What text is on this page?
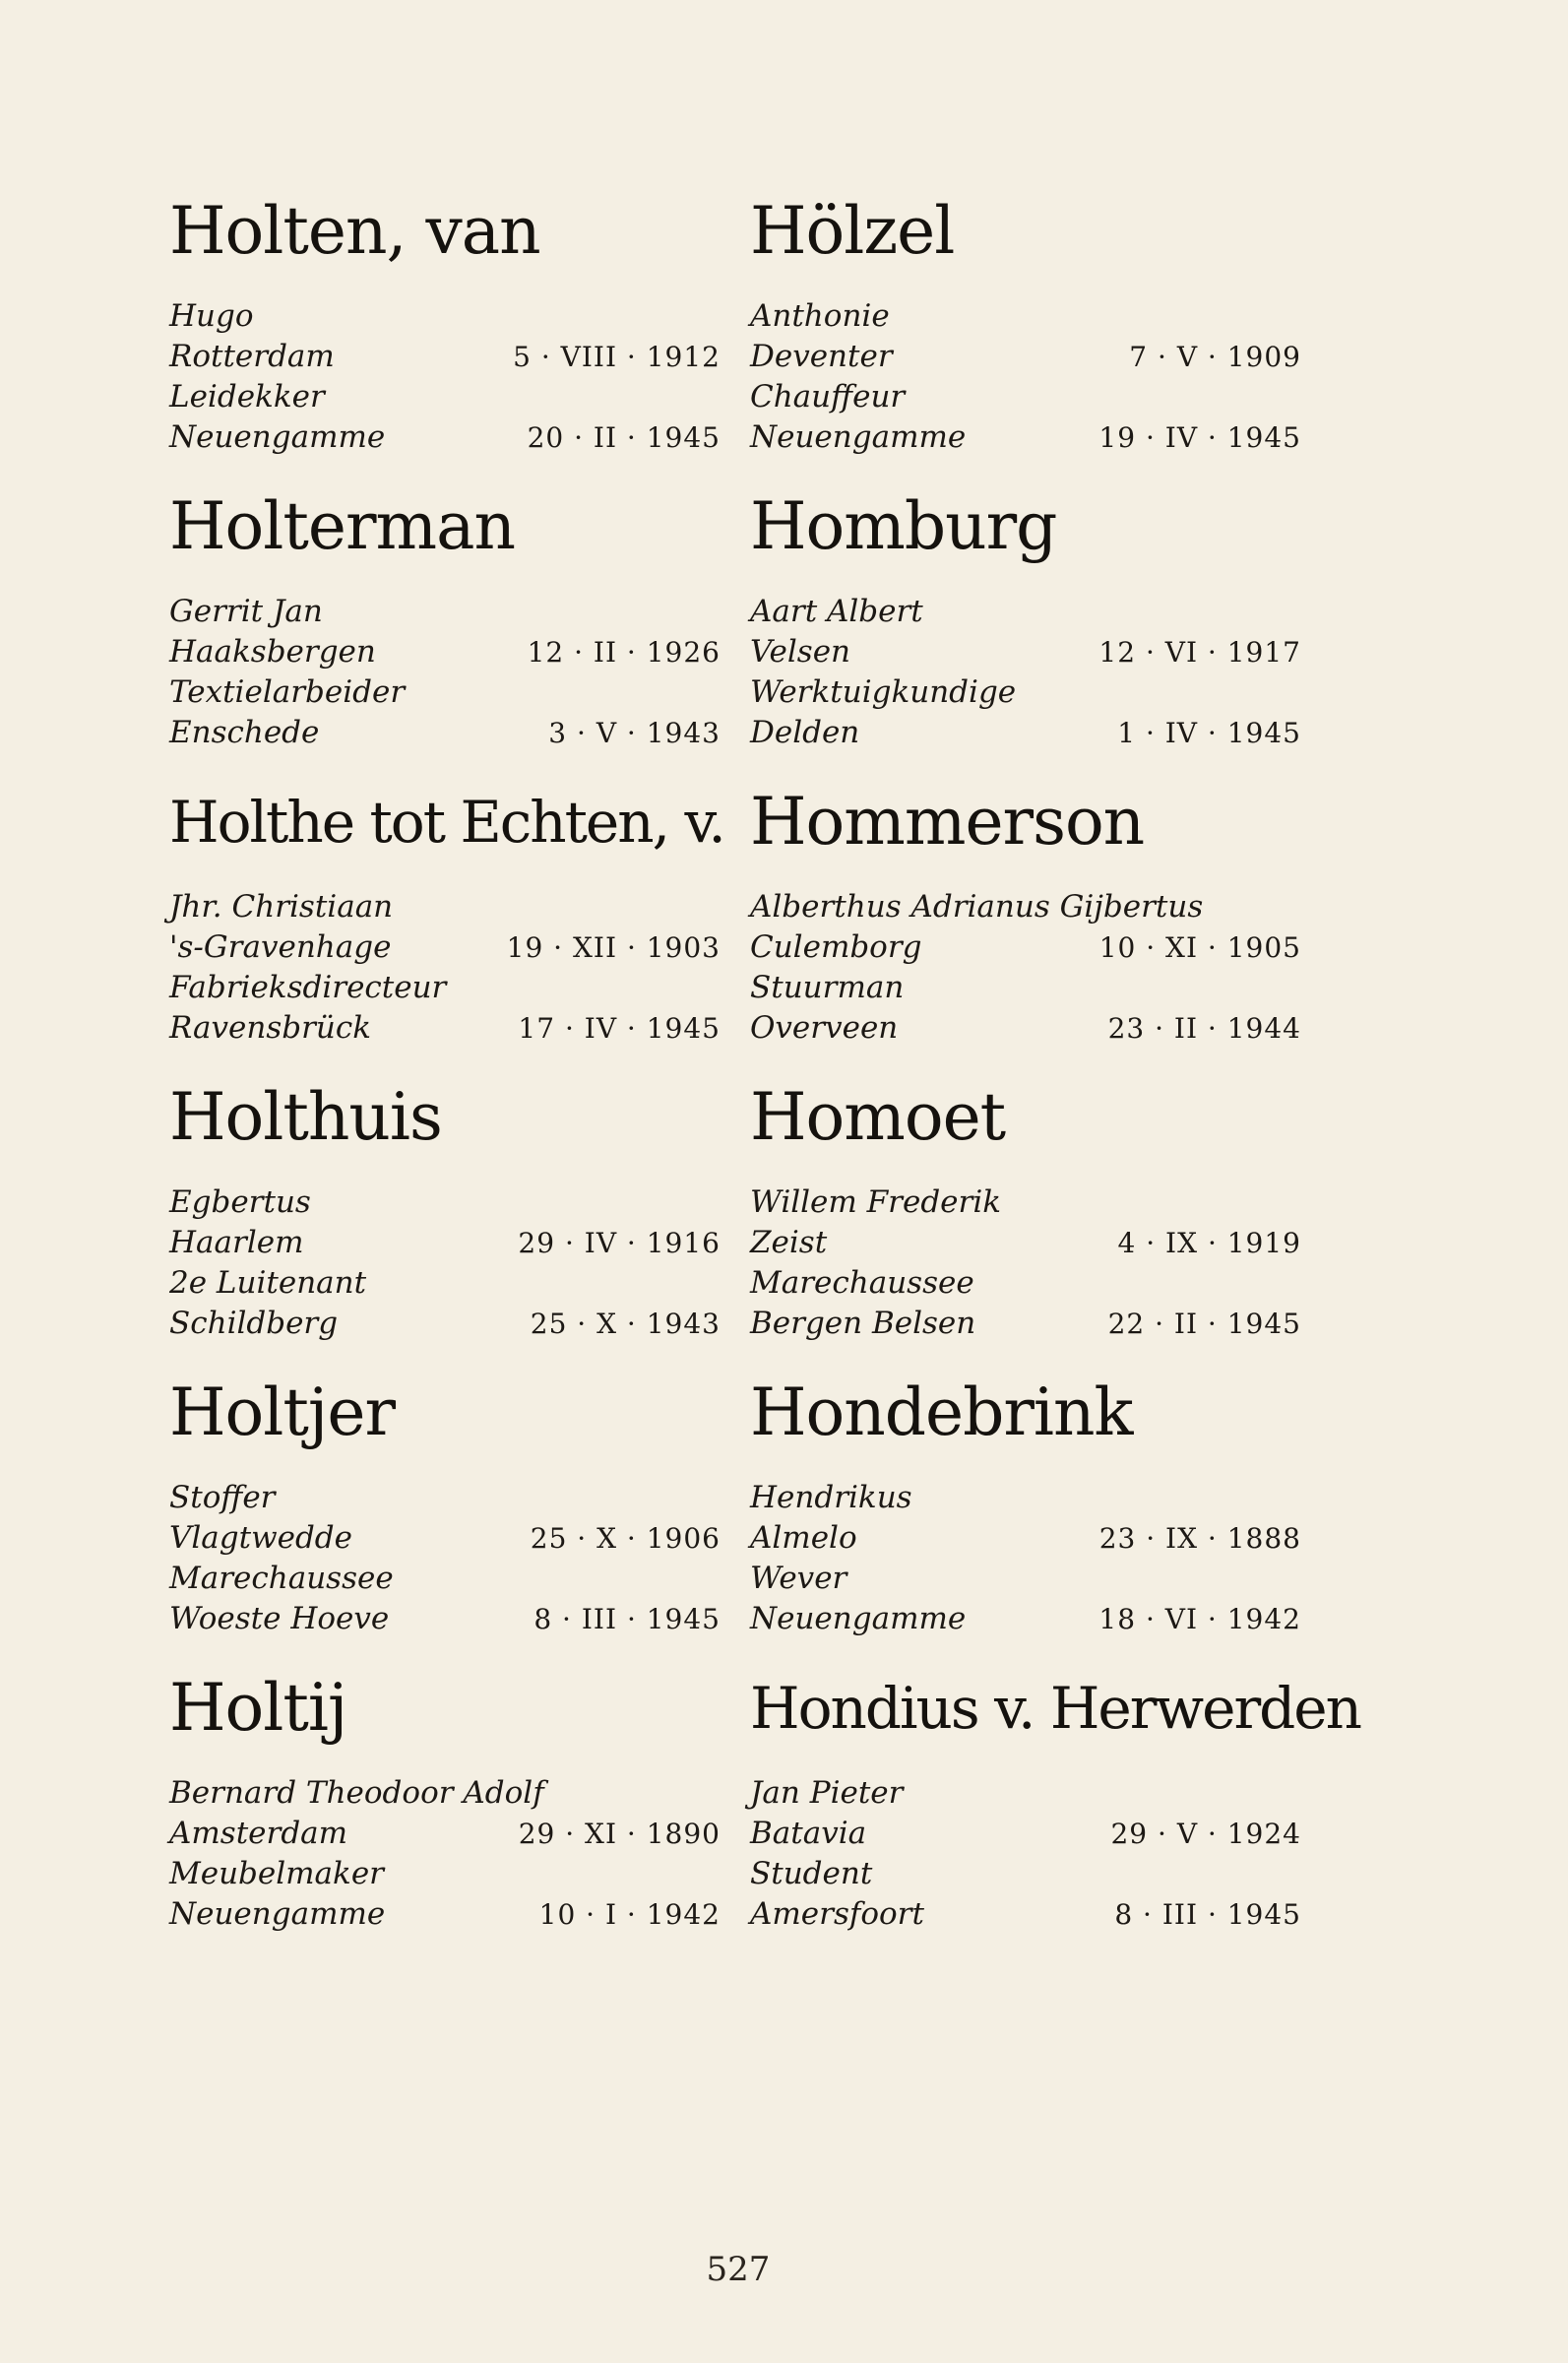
Holten, van
Hugo
Rotterdam	5 · VIII · 1912
Leidekker
Neuengamme	20 · II · 1945
Hölzel
Anthonie
Deventer	7 · V · 1909
Chauffeur
Neuengamme	19 · IV · 1945
Holterman
Gerrit Jan
Haaksbergen	12 · II · 1926
Textielarbeider
Enschede	3 · V · 1943
Homburg
Aart Albert
Velsen	12 · VI · 1917
Werktuigkundige
Delden	1 · IV · 1945
Holthe tot Echten, v.
Jhr. Christiaan
's-Gravenhage	19 · XII · 1903
Fabrieksdirecteur
Ravensbrück	17 · IV · 1945
Hommerson
Alberthus Adrianus Gijbertus
Culemborg	10 · XI · 1905
Stuurman
Overveen	23 · II · 1944
Holthuis
Egbertus
Haarlem	29 · IV · 1916
2e Luitenant
Schildberg	25 · X · 1943
Homoet
Willem Frederik
Zeist	4 · IX · 1919
Marechaussee
Bergen Belsen	22 · II · 1945
Holtjer
Stoffer
Vlagtwedde	25 · X · 1906
Marechaussee
Woeste Hoeve	8 · III · 1945
Hondebrink
Hendrikus
Almelo	23 · IX · 1888
Wever
Neuengamme	18 · VI · 1942
Holtij
Bernard Theodoor Adolf
Amsterdam	29 · XI · 1890
Meubelmaker
Neuengamme	10 · I · 1942
Hondius v. Herwerden
Jan Pieter
Batavia	29 · V · 1924
Student
Amersfoort	8 · III · 1945
527
